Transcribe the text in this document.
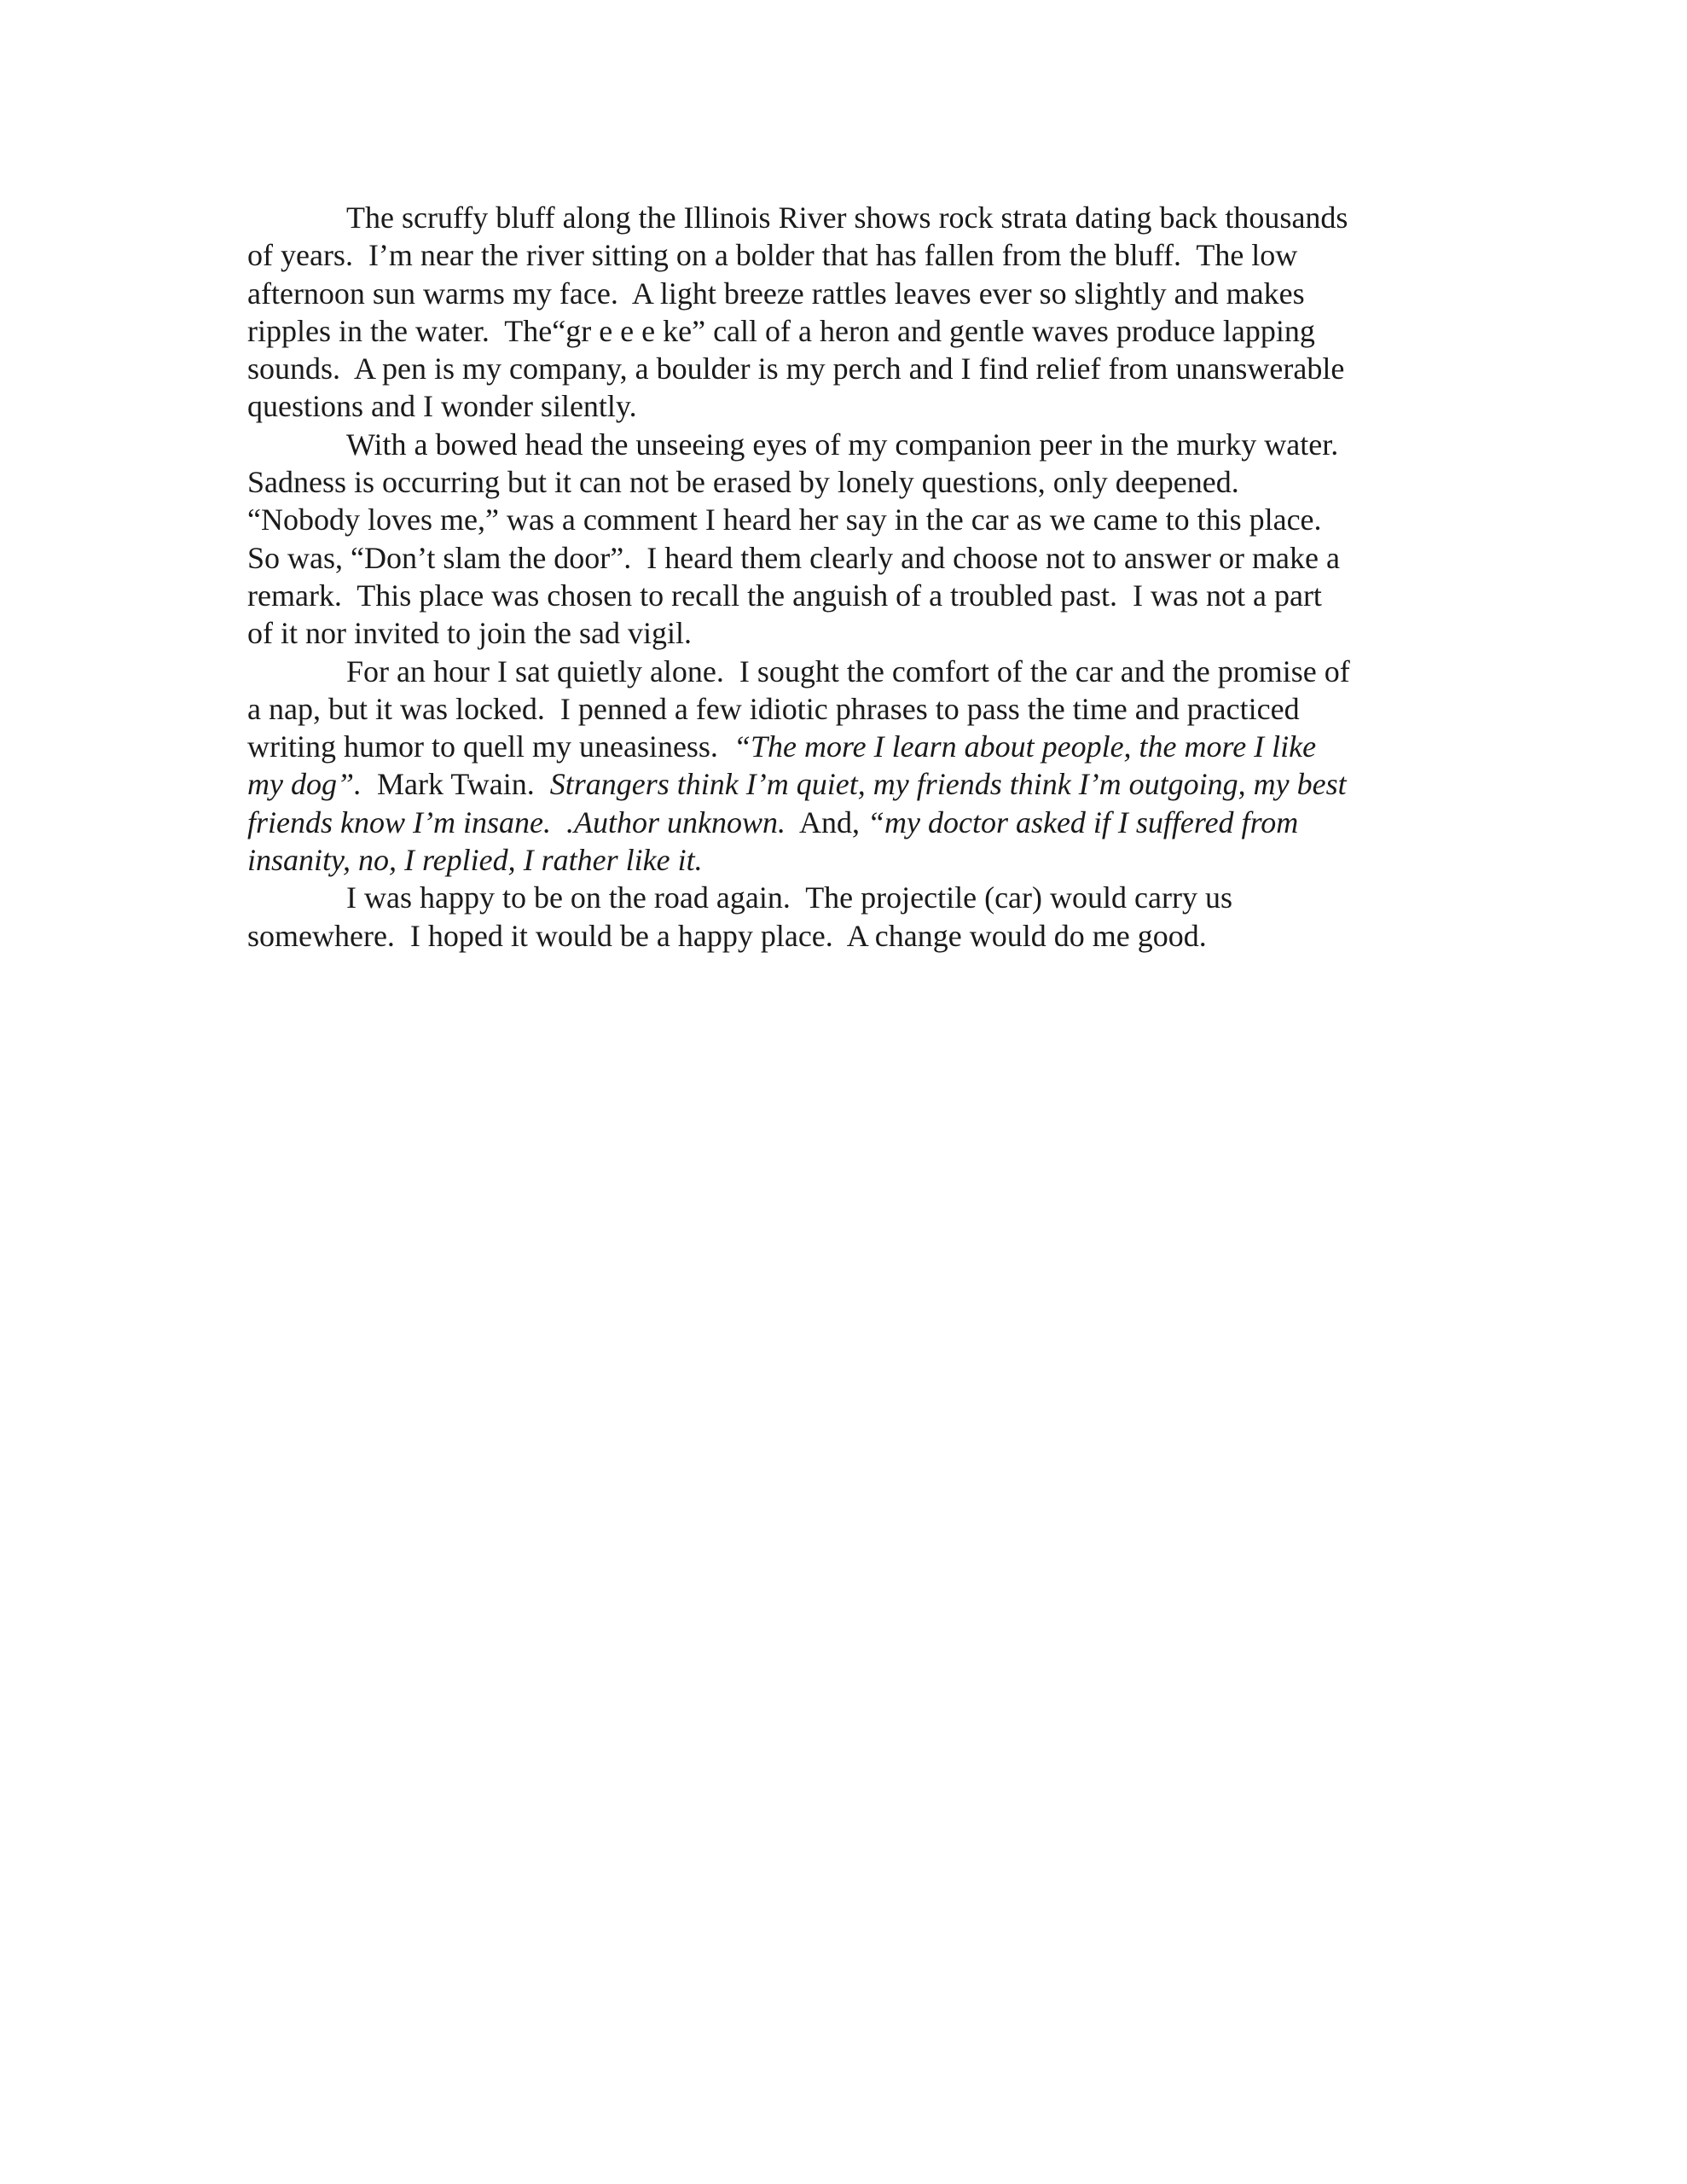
The scruffy bluff along the Illinois River shows rock strata dating back thousands
of years.  I’m near the river sitting on a bolder that has fallen from the bluff.  The low
afternoon sun warms my face.  A light breeze rattles leaves ever so slightly and makes
ripples in the water.  The“gr e e e ke” call of a heron and gentle waves produce lapping
sounds.  A pen is my company, a boulder is my perch and I find relief from unanswerable
questions and I wonder silently.

With a bowed head the unseeing eyes of my companion peer in the murky water.
Sadness is occurring but it can not be erased by lonely questions, only deepened.
“Nobody loves me,” was a comment I heard her say in the car as we came to this place.
So was, “Don’t slam the door”.  I heard them clearly and choose not to answer or make a
remark.  This place was chosen to recall the anguish of a troubled past.  I was not a part
of it nor invited to join the sad vigil.

For an hour I sat quietly alone.  I sought the comfort of the car and the promise of
a nap, but it was locked.  I penned a few idiotic phrases to pass the time and practiced
writing humor to quell my uneasiness.  “The more I learn about people, the more I like
my dog”.  Mark Twain.  Strangers think I’m quiet, my friends think I’m outgoing, my best
friends know I’m insane.  .Author unknown.  And, “my doctor asked if I suffered from
insanity, no, I replied, I rather like it.

I was happy to be on the road again.  The projectile (car) would carry us
somewhere.  I hoped it would be a happy place.  A change would do me good.
